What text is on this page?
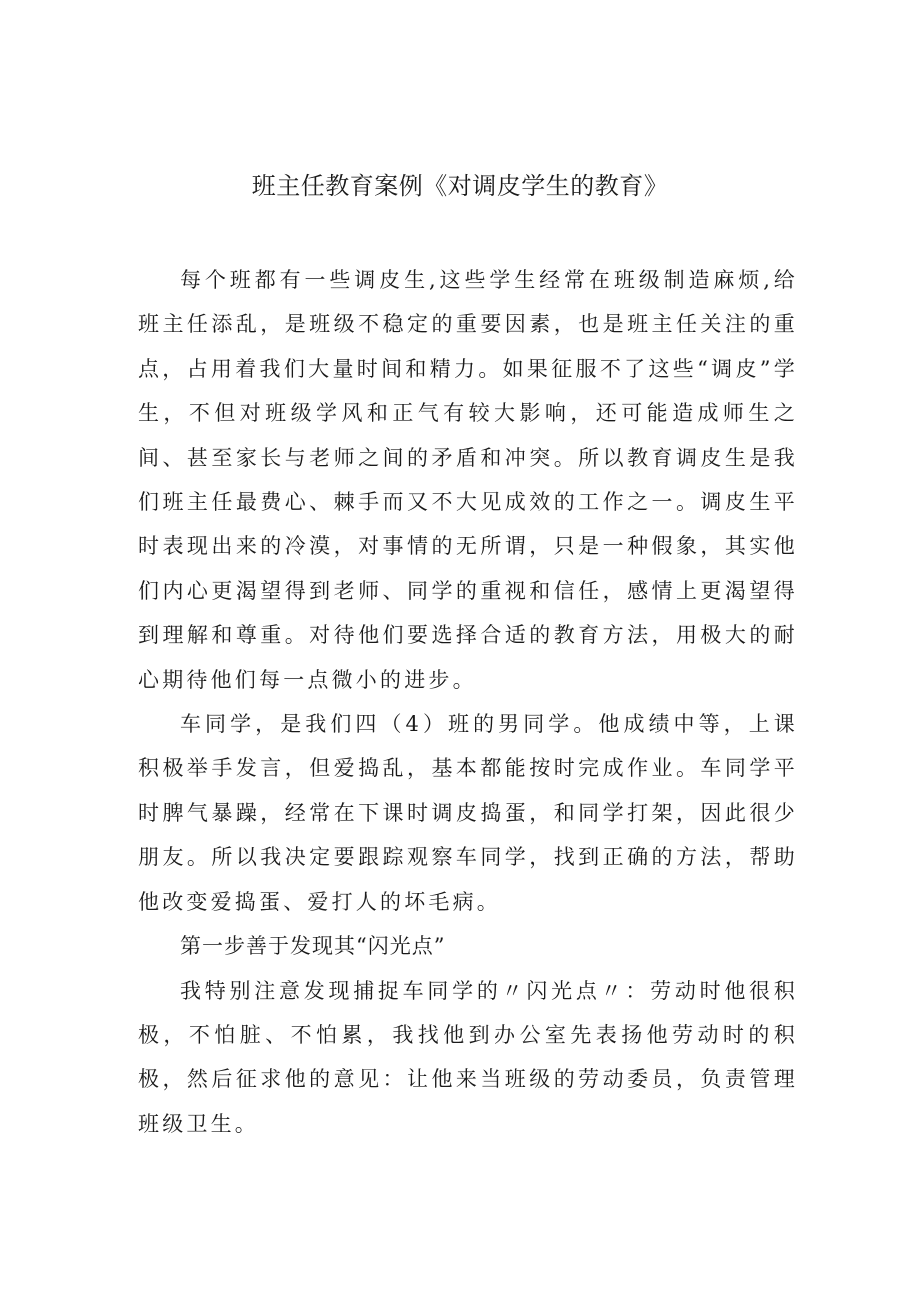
班主任教育案例《对调皮学生的教育》

每个班都有一些调皮生,这些学生经常在班级制造麻烦,给班主任添乱，是班级不稳定的重要因素，也是班主任关注的重点，占用着我们大量时间和精力。如果征服不了这些“调皮”学生，不但对班级学风和正气有较大影响，还可能造成师生之间、甚至家长与老师之间的矛盾和冲突。所以教育调皮生是我们班主任最费心、棘手而又不大见成效的工作之一。调皮生平时表现出来的冷漠，对事情的无所谓，只是一种假象，其实他们内心更渴望得到老师、同学的重视和信任，感情上更渴望得到理解和尊重。对待他们要选择合适的教育方法，用极大的耐心期待他们每一点微小的进步。

车同学，是我们四（4）班的男同学。他成绩中等，上课积极举手发言，但爱捣乱，基本都能按时完成作业。车同学平时脾气暴躁，经常在下课时调皮捣蛋，和同学打架，因此很少朋友。所以我决定要跟踪观察车同学，找到正确的方法，帮助他改变爱捣蛋、爱打人的坏毛病。

第一步善于发现其“闪光点”

我特别注意发现捕捉车同学的〃闪光点〃：劳动时他很积极，不怕脏、不怕累，我找他到办公室先表扬他劳动时的积极，然后征求他的意见：让他来当班级的劳动委员，负责管理班级卫生。
